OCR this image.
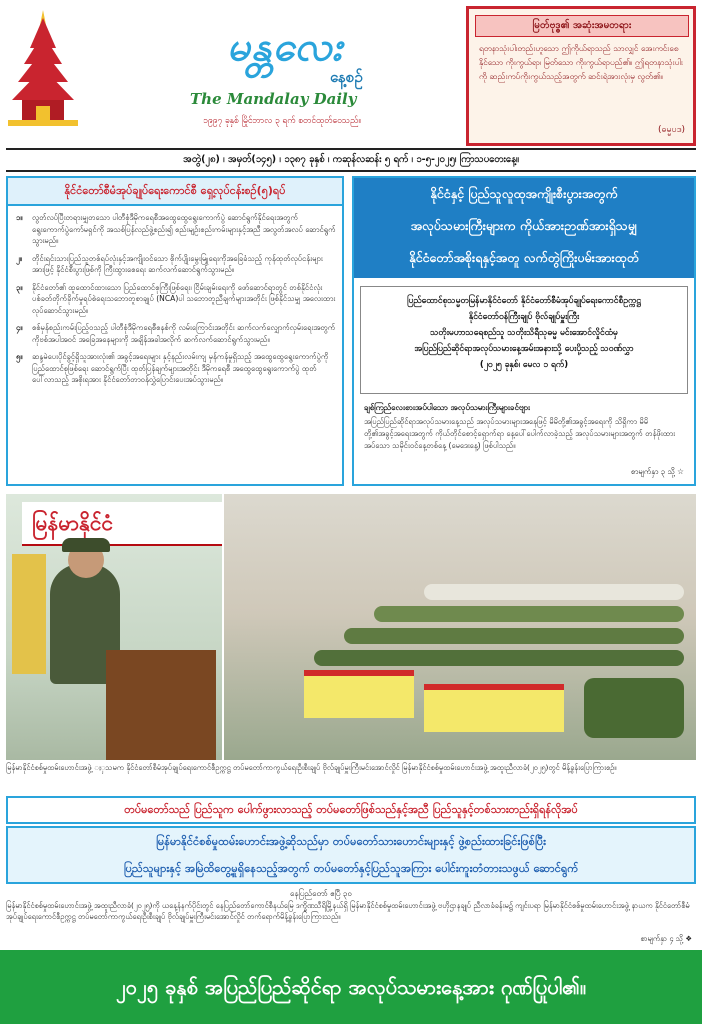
မန္တလေး
နေ့စဉ်
The Mandalay Daily
၁၉၉၇ ခုနှစ် မြိုင်ဘာလ ၃ ရက် စတင်ထုတ်ဝေသည်။
မြတ်ဗုဒ္ဓ၏ အဆုံးအမတရား
ရတနာသုံးပါးတည်းဟူသော ဤကိုယ်ရာသည် သာလျှင် အေးကင်းစေနိုင်သော ကိုးကွယ်ရာ၊ မြတ်သော ကိုးကွယ်ရာပည်၏။ ဤရတနာသုံးပါးကို ဆည်းကပ်ကိုးကွယ်သည့်အတွက် ဆင်းရဲအားလုံးမှ လွတ်၏။
(ဓမ္မပဒ)
အတွဲ(၂၈) ၊ အမှတ်(၁၄၅) ၊ ၁၃၈၇ ခုနှစ် ၊ ကဆုန်လဆန်း ၅ ရက် ၊ ၁-၅-၂၀၂၅၊ ကြာသပတေးနေ့။
နိုင်ငံတော်စီမံအုပ်ချုပ်ရေးကောင်စီ ရှေ့လုပ်ငန်းစဉ်(၅)ရပ်
၁။ လွတ်လပ်ပြီးတရားမျှတသော ပါတီစုံဒီမိုကရေစီအထွေထွေရွေးကောက်ပွဲ ဆောင်ရွက်နိုင်ရေးအတွက် ရွေးကောက်ပွဲကော်မရှင်ကို အသစ်ပြန်လည်ဖွဲ့စည်း၍ စည်းမျဉ်းစည်းကမ်းများနှင့်အညီ အလွတ်အလပ် ဆောင်ရွက်သွားမည်။
၂။ တိုင်းရင်းသားပြည်သူတစ်ရပ်လုံးနှင့်အကျိုးဝင်သော စိုက်ပျိုးမွေးမြူရေးကိုအခြေခံသည့် ကုန်ထုတ်လုပ်ငန်းများအားဖြင့် နိုင်ငံစီးပွားဖြစ်ကို ကြီးထွားစေရေး ဆက်လက်ဆောင်ရွက်သွားမည်။
၃။ နိုင်ငံတော်၏ ထူထောင်ထားသော ပြည်ထောင်စုကြီးဖြစ်ရေး၊ ငြိမ်းချမ်းရေးကို ဖော်ဆောင်ရာတွင် တစ်နိုင်ငံလုံးပစ်ခတ်တိုက်ခိုက်မှုရပ်စဲရေးသဘောတူစာချုပ် (NCA)ပါ သဘောတူညီချက်များအတိုင်း ဖြစ်နိုင်သမျှ အလေးထားလုပ်ဆောင်သွားမည်။
၄။ စစ်မှန်စည်းကမ်းပြည့်ဝသည့် ပါတီစုံဒီမိုကရေစီစနစ်ကို လမ်းကြောင်းအတိုင်း ဆက်လက်လျှောက်လှမ်းရေးအတွက် ကိုဗစ်အပါအဝင် အခြေအနေများကို အချိန်အခါအလိုက် ဆက်လက်ဆောင်ရွက်သွားမည်။
၅။ ဆန္ဒမဲပေးပိုင်ခွင့်ရှိသူအားလုံး၏ အခွင့်အရေးများ နှင့်နည်းလမ်းကျ မှန်ကန်မှုရှိသည့် အထွေထွေရွေးကောက်ပွဲကို ပြည်ထောင်စုဖြစ်ရေး ဆောင်ရွက်ပြီး ထုတ်ပြန်ချက်များအတိုင်း ဒီမိုကရေစီ အထွေထွေရွေးကောက်ပွဲ ထုတ်ပေါ်လာသည့် အစိုးရအား နိုင်ငံတော်တာဝန်လွှဲပြောင်းပေးအပ်သွားမည်။
နိုင်ငံနှင့် ပြည်သူလူထုအကျိုးစီးပွားအတွက်
အလုပ်သမားကြီးများက ကိုယ်အားဉာဏ်အားရှိသမျှ
နိုင်ငံတော်အစိုးရနှင့်အတူ လက်တွဲကြိုးပမ်းအားထုတ်
ပြည်ထောင်စုသမ္မတမြန်မာနိုင်ငံတော် နိုင်ငံတော်စီမံအုပ်ချုပ်ရေးကောင်စီဥက္ကဋ္ဌ
နိုင်ငံတော်ဝန်ကြီးချုပ် ဗိုလ်ချုပ်မှူးကြီး
သတိုးမဟာသရေစည်သူ သတိုးသိရီသုဓမ္မ မင်းအောင်လှိုင်ထံမှ
အပြည်ပြည်ဆိုင်ရာအလုပ်သမားနေ့အမ်းအနားသို့ ပေးပို့သည့် သဝဏ်လွှာ
(၂၀၂၅ ခုနှစ်၊ မေလ ၁ ရက်)
ချစ်ကြည်လေးစားအပ်ပါသော အလုပ်သမားကြီးများခင်ဗျား
အပြည်ပြည်ဆိုင်ရာအလုပ်သမားနေ့သည် အလုပ်သမားများအနေဖြင့် မိမိတို့၏အခွင့်အရေးကို သိရှိကာ မိမိတို့၏အခွင့်အရေးအတွက် ကိုယ်တိုင်စောင့်ရှောက်ရာ နေ့ပေါ်ပေါက်လာခဲ့သည့် အလုပ်သမားများအတွက် တန်ဖိုးထားအပ်သော သမိုင်းဝင်နေ့တစ်နေ့ (မေဒေးနေ့) ဖြစ်ပါသည်။
စာမျက်နှာ ၃ သို့ ☆
မြန်မာနိုင်ငံ
မြန်မာနိုင်ငံစစ်မှုထမ်းဟောင်းအဖွဲ့ ႏှသမက နိုင်ငံတော်စီမံအုပ်ချုပ်ရေးကောင်စီဥက္ကဋ္ဌ တပ်မတော်ကာကွယ်ရေးဦးစီးချုပ် ဗိုလ်ချုပ်မှူးကြီးမင်းအောင်လှိုင် မြန်မာနိုင်ငံစစ်မှုထမ်းဟောင်းအဖွဲ့ အထူးညီလာခံ(၂၀၂၅)တွင် မိန့်ခွန်းပြောကြားစဉ်။
တပ်မတော်သည် ပြည်သူက ပေါက်ဖွားလာသည့် တပ်မတော်ဖြစ်သည်နှင့်အညီ ပြည်သူနှင့်တစ်သားတည်းရှိရန်လိုအပ်
မြန်မာနိုင်ငံစစ်မှုထမ်းဟောင်းအဖွဲ့ဆိုသည်မှာ တပ်မတော်သားဟောင်းများနှင့် ဖွဲ့စည်းထားခြင်းဖြစ်ပြီး
ပြည်သူများနှင့် အမြဲထိတွေ့မှုရှိနေသည့်အတွက် တပ်မတော်နှင့်ပြည်သူအကြား ပေါင်းကူးတံတားသဖွယ် ဆောင်ရွက်
နေပြည်တော် ဧပြီ ၃၀
မြန်မာနိုင်ငံစစ်မှုထမ်းဟောင်းအဖွဲ့ အထူးညီလာခံ(၂၀၂၅)ကို ယနေ့နံနက်ပိုင်းတွင် နေပြည်တော်ကောင်စီနယ်မြေ ဒက္ခိဏသီရိမြို့နယ်ရှိ မြန်မာနိုင်ငံစစ်မှုထမ်းဟောင်းအဖွဲ့ ဗဟိုဌာနချုပ် ညီလာခံခန်းမ၌ ကျင်းပရာ မြန်မာနိုင်ငံစစ်မှုထမ်းဟောင်းအဖွဲ့ နာယက နိုင်ငံတော်စီမံအုပ်ချုပ်ရေးကောင်စီဥက္ကဋ္ဌ တပ်မတော်ကာကွယ်ရေးဦးစီးချုပ် ဗိုလ်ချုပ်မှူးကြီးမင်းအောင်လှိုင် တက်ရောက်မိန့်ခွန်းပြောကြားသည်။
စာမျက်နှာ ၄ သို့ ❖
၂၀၂၅ ခုနှစ် အပြည်ပြည်ဆိုင်ရာ အလုပ်သမားနေ့အား ဂုဏ်ပြုပါ၏။
